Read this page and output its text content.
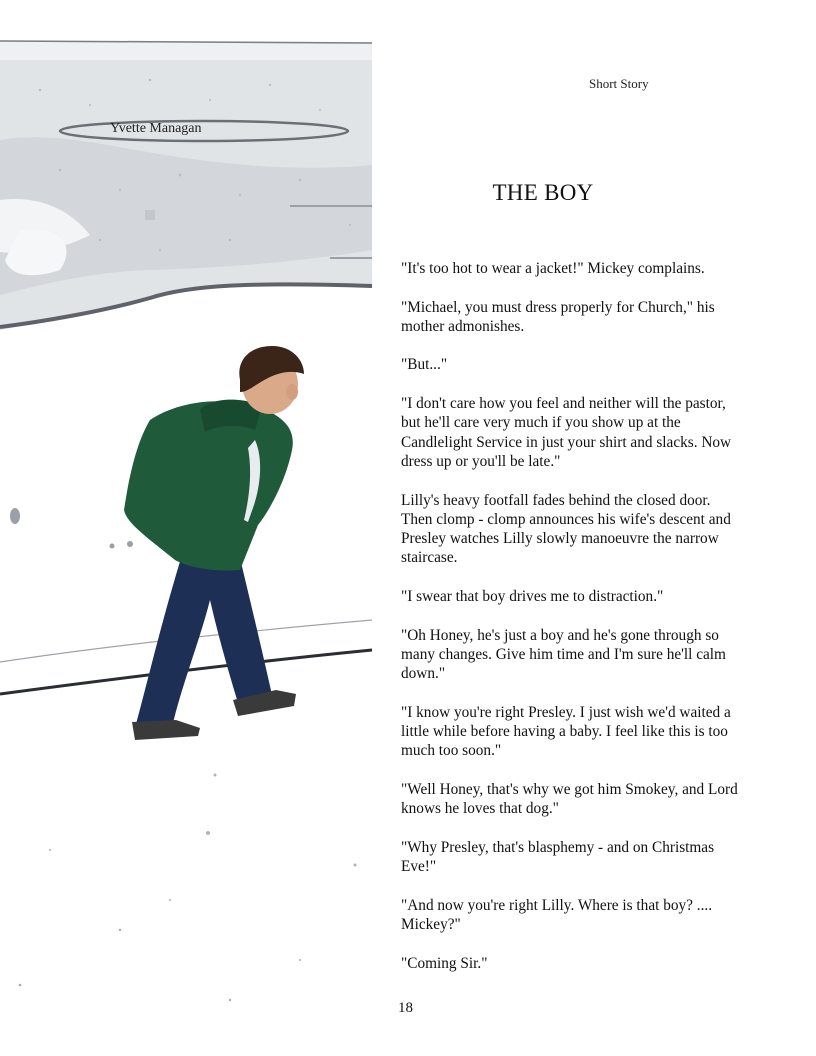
Short Story
Yvette Managan
THE BOY

"It's too hot to wear a jacket!" Mickey complains.

"Michael, you must dress properly for Church," his mother admonishes.

"But..."

"I don't care how you feel and neither will the pastor, but he'll care very much if you show up at the Candlelight Service in just your shirt and slacks. Now dress up or you'll be late."

Lilly's heavy footfall fades behind the closed door. Then clomp - clomp announces his wife's descent and Presley watches Lilly slowly manoeuvre the narrow staircase.

"I swear that boy drives me to distraction."

"Oh Honey, he's just a boy and he's gone through so many changes. Give him time and I'm sure he'll calm down."

"I know you're right Presley. I just wish we'd waited a little while before having a baby. I feel like this is too much too soon."

"Well Honey, that's why we got him Smokey, and Lord knows he loves that dog."

"Why Presley, that's blasphemy - and on Christmas Eve!"

"And now you're right Lilly. Where is that boy? .... Mickey?"

"Coming Sir."

18
